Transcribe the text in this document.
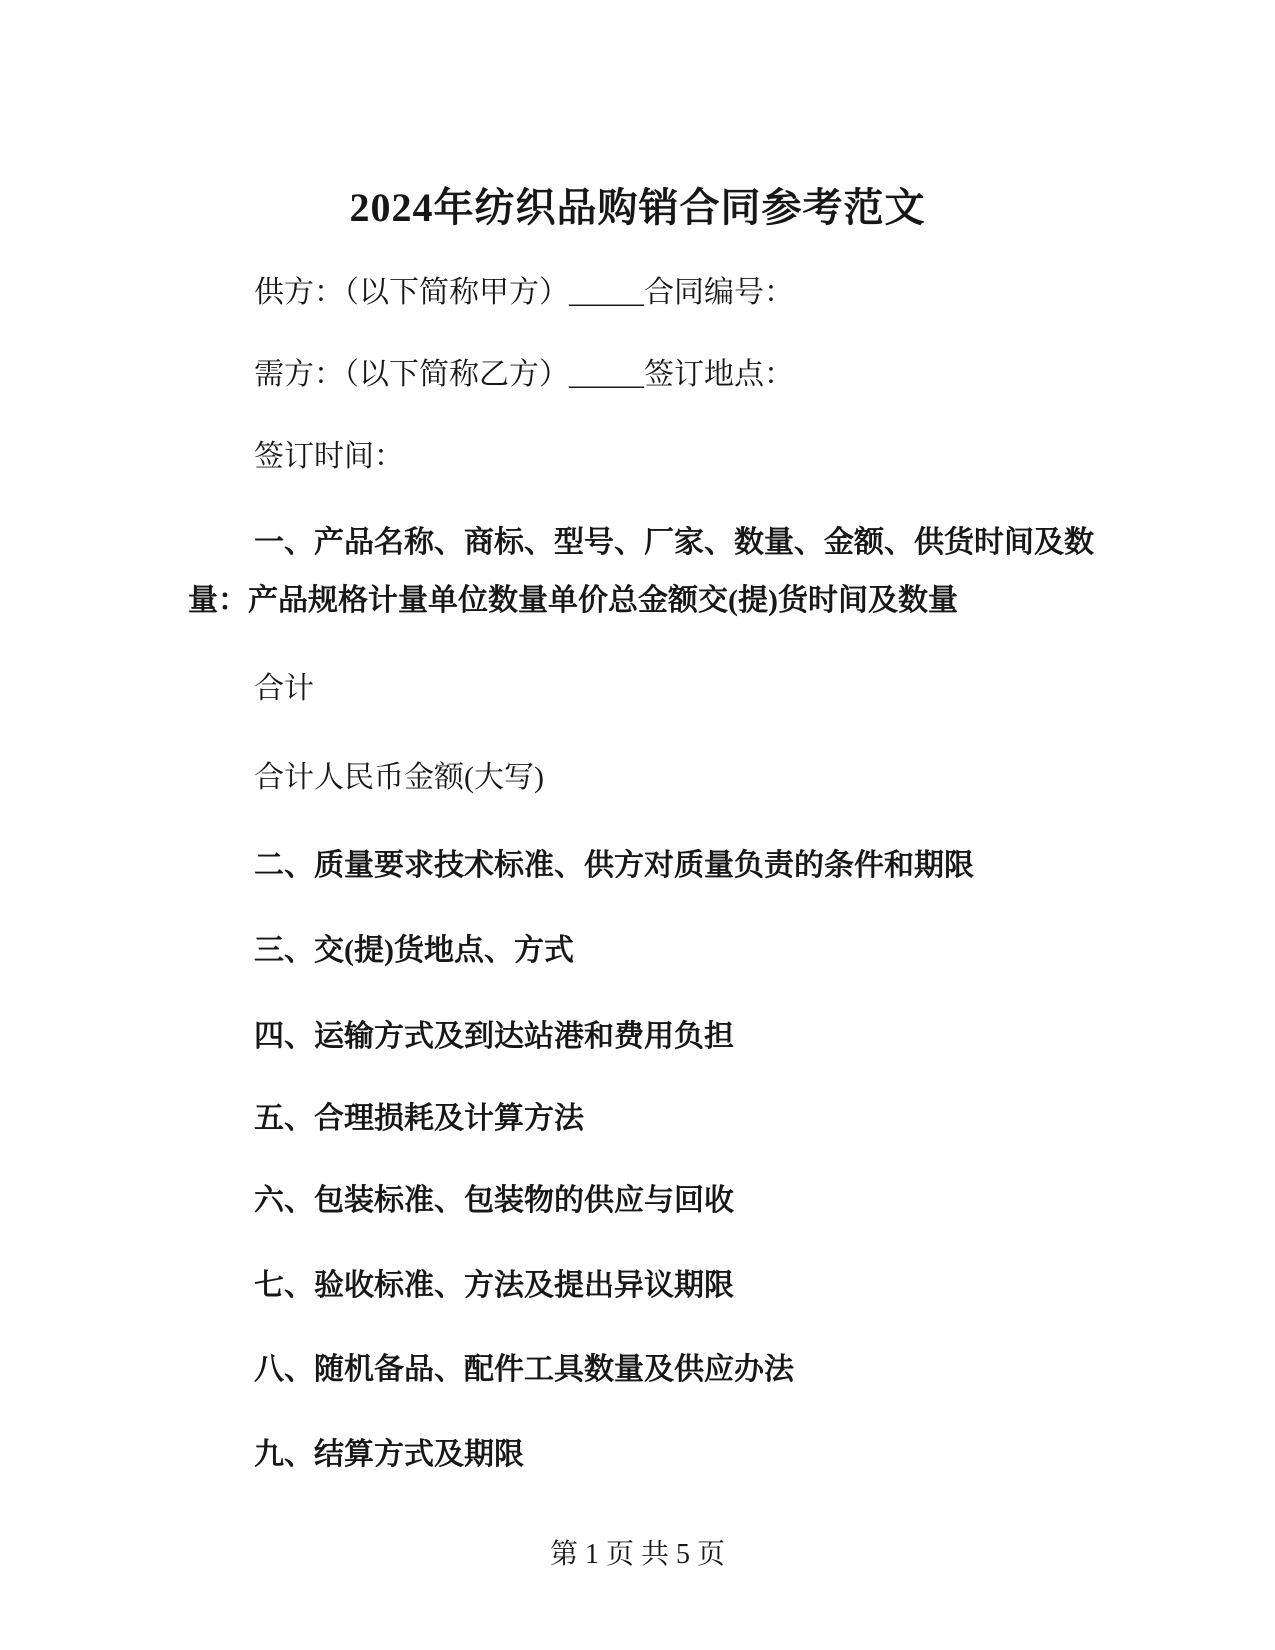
2024年纺织品购销合同参考范文
供方：（以下简称甲方）_____合同编号：
需方：（以下简称乙方）_____签订地点：
签订时间：
一、产品名称、商标、型号、厂家、数量、金额、供货时间及数
量：产品规格计量单位数量单价总金额交(提)货时间及数量
合计
合计人民币金额(大写)
二、质量要求技术标准、供方对质量负责的条件和期限
三、交(提)货地点、方式
四、运输方式及到达站港和费用负担
五、合理损耗及计算方法
六、包装标准、包装物的供应与回收
七、验收标准、方法及提出异议期限
八、随机备品、配件工具数量及供应办法
九、结算方式及期限
第 1 页 共 5 页
